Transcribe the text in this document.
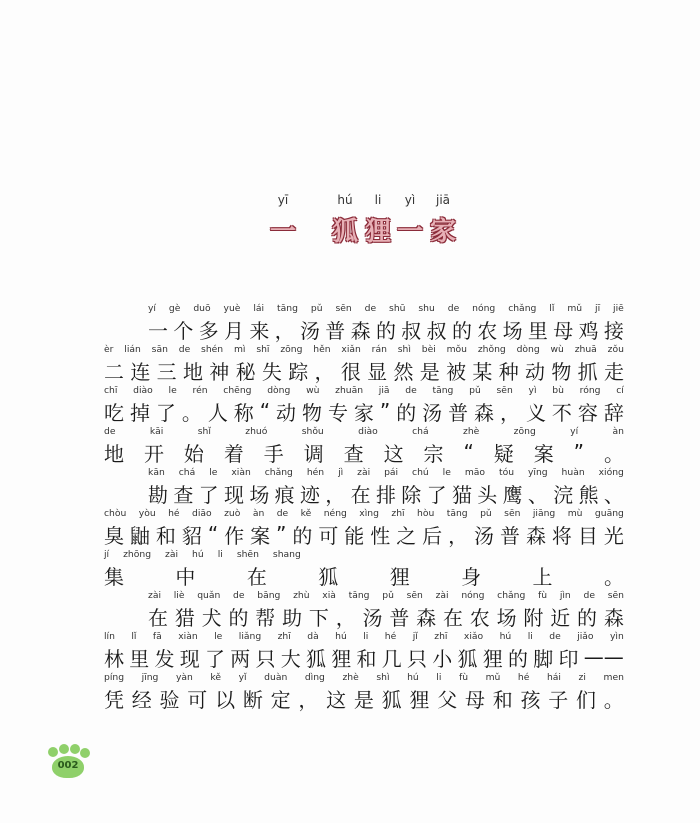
yī	hú li yì jiā
一 狐 狸 一 家
yí gè duō yuè lái tāng pǔ sēn de shū shu de nóng chǎng lǐ mǔ jī jiē
一 个 多 月 来 ， 汤 普 森 的 叔 叔 的 农 场 里 母 鸡 接
èr lián sān de shén mì shī zōng hěn xiǎn rán shì bèi mǒu zhǒng dòng wù zhuā zǒu
二 连 三 地 神 秘 失 踪 ， 很 显 然 是 被 某 种 动 物 抓 走
chī diào le rén chēng dòng wù zhuān jiā de tāng pǔ sēn yì bù róng cí
吃 掉 了 。 人 称 “ 动 物 专 家 ” 的 汤 普 森 ， 义 不 容 辞
de	kāi	shǐ	zhuó	shǒu	diào	chá	zhè	zōng	yí	àn
地 开 始 着 手 调 查 这 宗 “ 疑 案 ” 。
kān chá le xiàn chǎng hén jì zài pái chú le māo tóu yīng huàn xióng
勘 查 了 现 场 痕 迹 ， 在 排 除 了 猫 头 鹰 、 浣 熊 、
chòu yòu hé diāo zuò àn de kě néng xìng zhī hòu tāng pǔ sēn jiāng mù guāng
臭 鼬 和 貂 “ 作 案 ” 的 可 能 性 之 后 ， 汤 普 森 将 目 光
jí zhōng zài hú li shēn shang
集	中	在	狐	狸	身	上	。
zài liè quǎn de bāng zhù xià tāng pǔ sēn zài nóng chǎng fù jìn de sēn
在 猎 犬 的 帮 助 下 ， 汤 普 森 在 农 场 附 近 的 森
lín lǐ fā xiàn le liǎng zhī dà hú li hé jǐ zhī xiǎo hú li de jiǎo yìn
林 里 发 现 了 两 只 大 狐 狸 和 几 只 小 狐 狸 的 脚 印 ——
píng jīng yàn kě yǐ duàn dìng zhè shì hú li fù mǔ hé hái zi men
凭 经 验 可 以 断 定 ， 这 是 狐 狸 父 母 和 孩 子 们 。
002
